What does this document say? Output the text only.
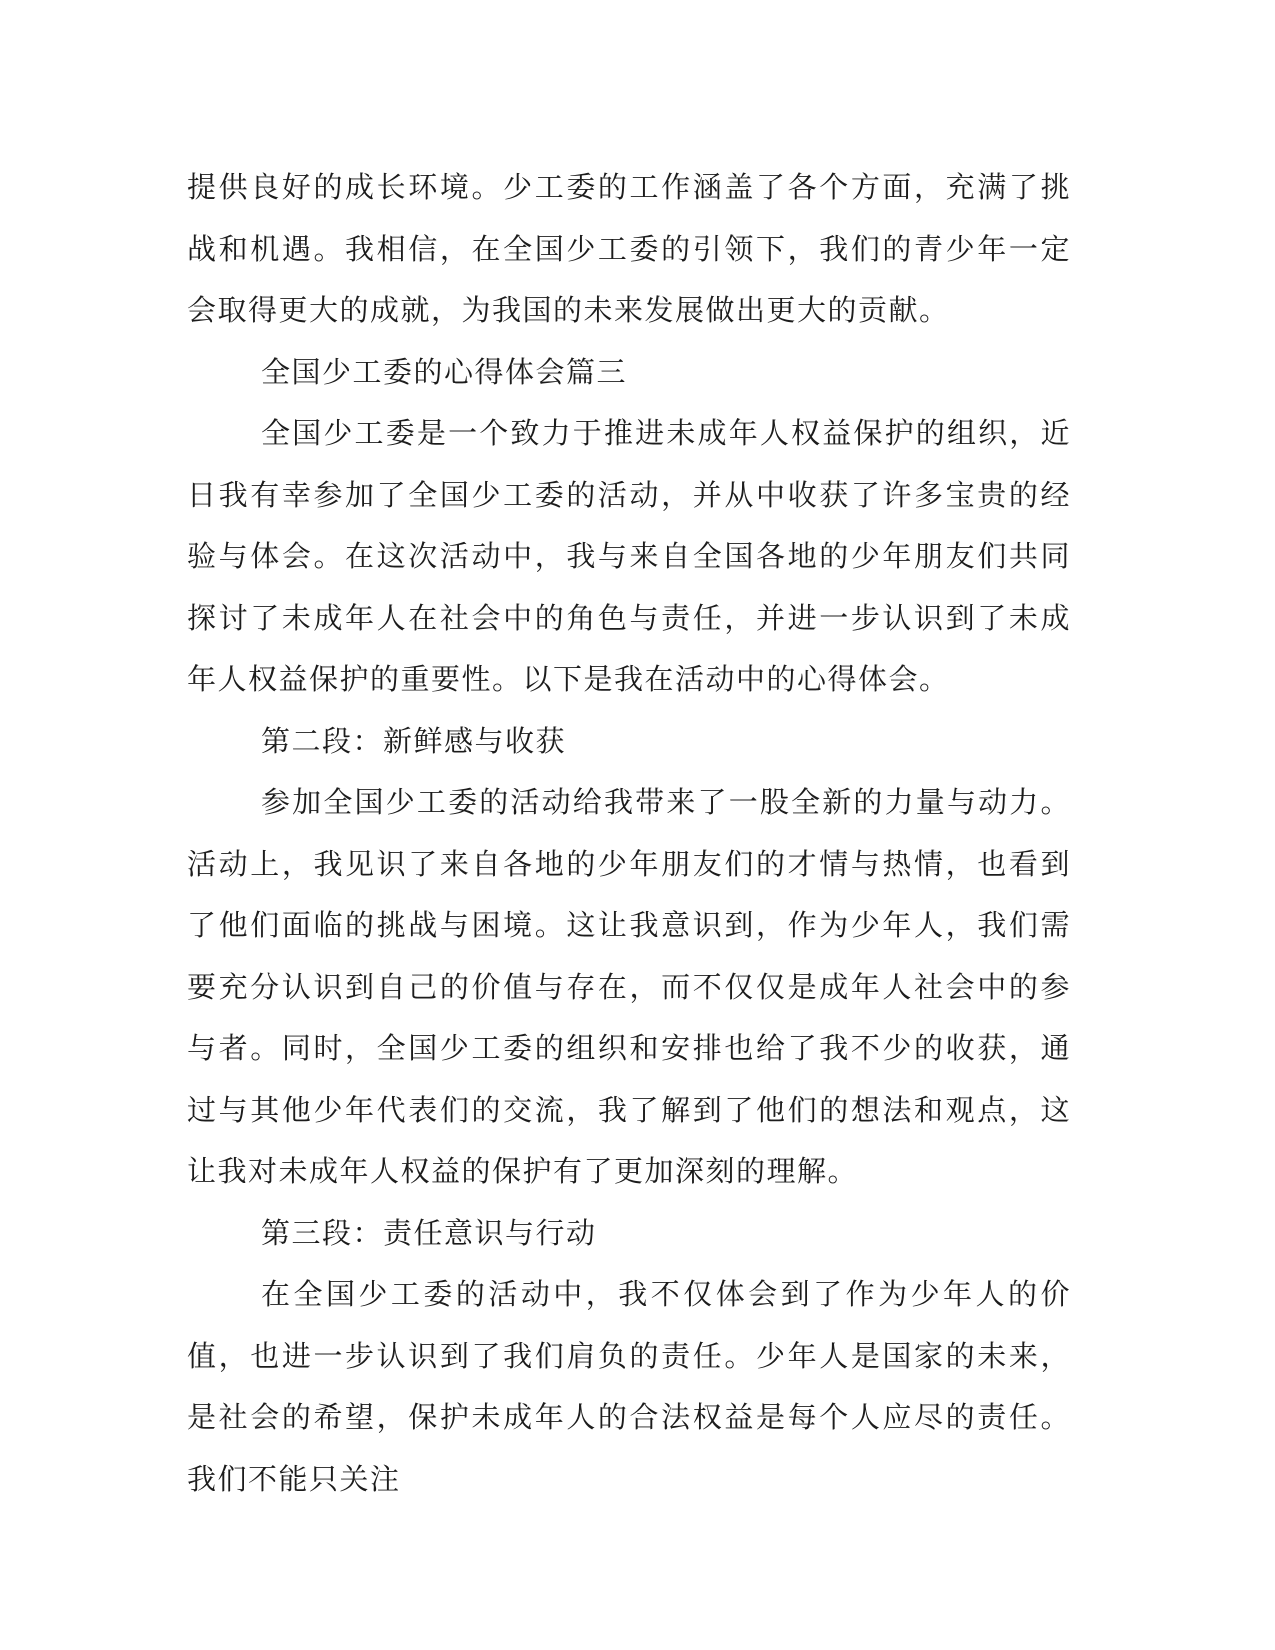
提供良好的成长环境。少工委的工作涵盖了各个方面，充满了挑战和机遇。我相信，在全国少工委的引领下，我们的青少年一定会取得更大的成就，为我国的未来发展做出更大的贡献。

全国少工委的心得体会篇三

全国少工委是一个致力于推进未成年人权益保护的组织，近日我有幸参加了全国少工委的活动，并从中收获了许多宝贵的经验与体会。在这次活动中，我与来自全国各地的少年朋友们共同探讨了未成年人在社会中的角色与责任，并进一步认识到了未成年人权益保护的重要性。以下是我在活动中的心得体会。

第二段：新鲜感与收获

参加全国少工委的活动给我带来了一股全新的力量与动力。活动上，我见识了来自各地的少年朋友们的才情与热情，也看到了他们面临的挑战与困境。这让我意识到，作为少年人，我们需要充分认识到自己的价值与存在，而不仅仅是成年人社会中的参与者。同时，全国少工委的组织和安排也给了我不少的收获，通过与其他少年代表们的交流，我了解到了他们的想法和观点，这让我对未成年人权益的保护有了更加深刻的理解。

第三段：责任意识与行动

在全国少工委的活动中，我不仅体会到了作为少年人的价值，也进一步认识到了我们肩负的责任。少年人是国家的未来，是社会的希望，保护未成年人的合法权益是每个人应尽的责任。我们不能只关注
